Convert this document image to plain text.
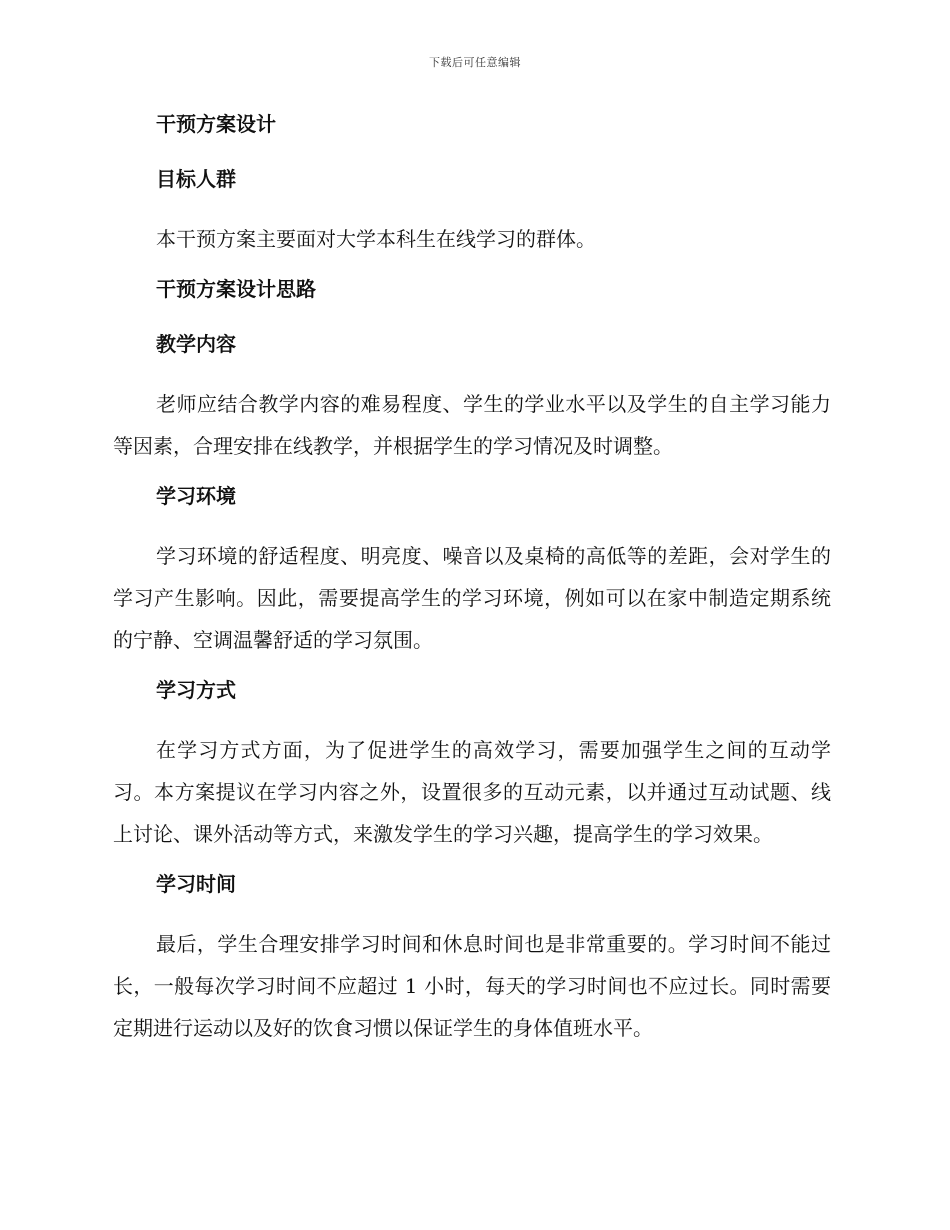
下载后可任意编辑

干预方案设计

目标人群

本干预方案主要面对大学本科生在线学习的群体。

干预方案设计思路

教学内容

老师应结合教学内容的难易程度、学生的学业水平以及学生的自主学习能力等因素，合理安排在线教学，并根据学生的学习情况及时调整。

学习环境

学习环境的舒适程度、明亮度、噪音以及桌椅的高低等的差距，会对学生的学习产生影响。因此，需要提高学生的学习环境，例如可以在家中制造定期系统的宁静、空调温馨舒适的学习氛围。

学习方式

在学习方式方面，为了促进学生的高效学习，需要加强学生之间的互动学习。本方案提议在学习内容之外，设置很多的互动元素，以并通过互动试题、线上讨论、课外活动等方式，来激发学生的学习兴趣，提高学生的学习效果。

学习时间

最后，学生合理安排学习时间和休息时间也是非常重要的。学习时间不能过长，一般每次学习时间不应超过 1 小时，每天的学习时间也不应过长。同时需要定期进行运动以及好的饮食习惯以保证学生的身体值班水平。
